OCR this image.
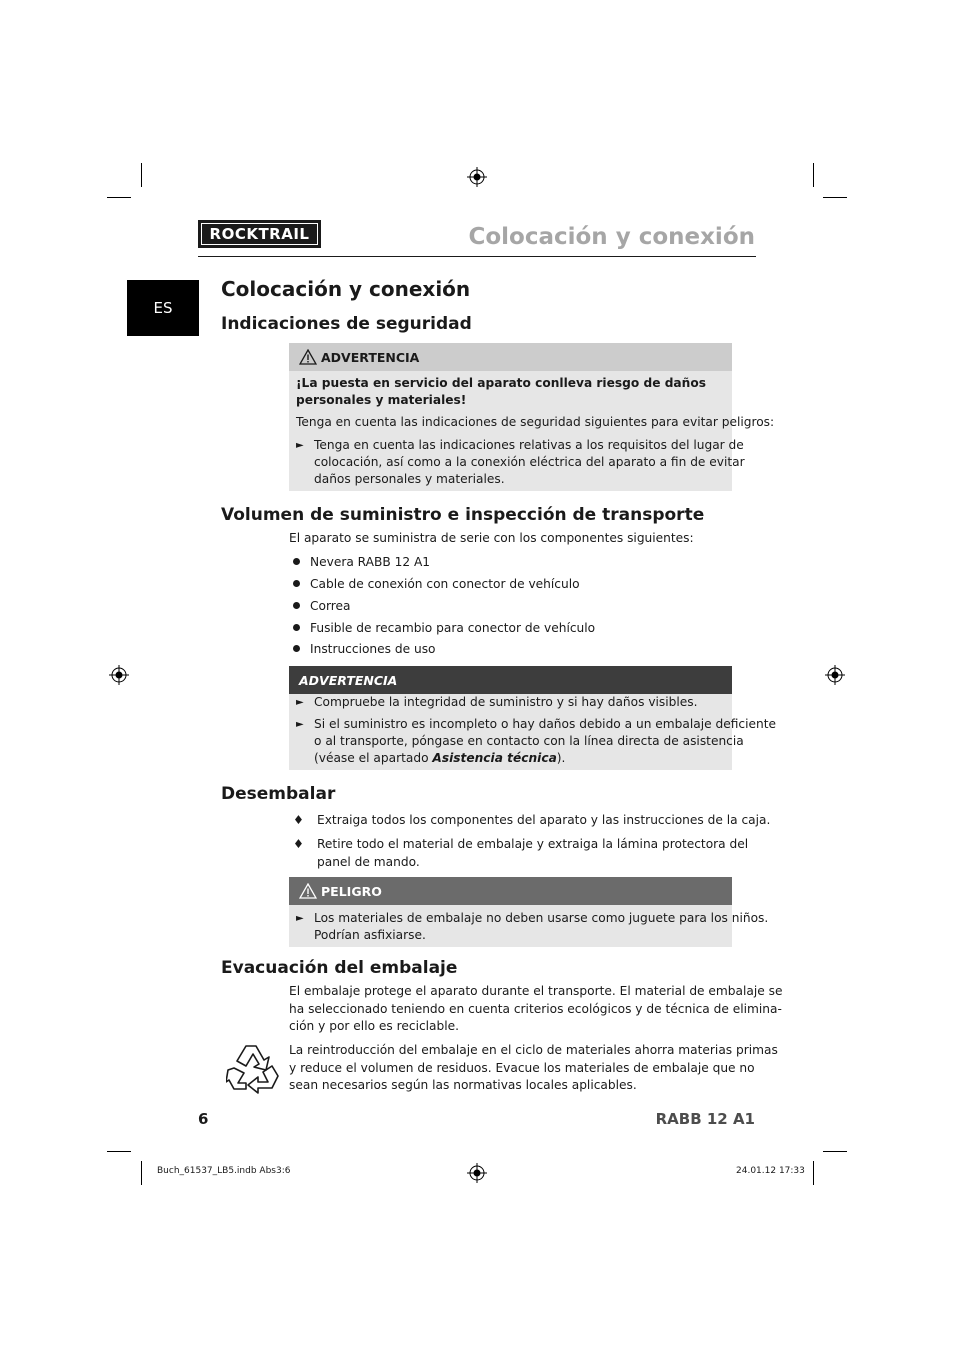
ROCKTRAIL	Colocación y conexión
ES
Colocación y conexión
Indicaciones de seguridad
ADVERTENCIA
¡La puesta en servicio del aparato conlleva riesgo de daños
personales y materiales!
Tenga en cuenta las indicaciones de seguridad siguientes para evitar peligros:
► Tenga en cuenta las indicaciones relativas a los requisitos del lugar de
colocación, así como a la conexión eléctrica del aparato a fin de evitar
daños personales y materiales.
Volumen de suministro e inspección de transporte
El aparato se suministra de serie con los componentes siguientes:
Nevera RABB 12 A1
Cable de conexión con conector de vehículo
Correa
Fusible de recambio para conector de vehículo
Instrucciones de uso
ADVERTENCIA
► Compruebe la integridad de suministro y si hay daños visibles.
► Si el suministro es incompleto o hay daños debido a un embalaje deficiente
o al transporte, póngase en contacto con la línea directa de asistencia
(véase el apartado Asistencia técnica).
Desembalar
♦ Extraiga todos los componentes del aparato y las instrucciones de la caja.
♦ Retire todo el material de embalaje y extraiga la lámina protectora del
panel de mando.
PELIGRO
► Los materiales de embalaje no deben usarse como juguete para los niños.
Podrían asfixiarse.
Evacuación del embalaje
El embalaje protege el aparato durante el transporte. El material de embalaje se
ha seleccionado teniendo en cuenta criterios ecológicos y de técnica de elimina-
ción y por ello es reciclable.
La reintroducción del embalaje en el ciclo de materiales ahorra materias primas
y reduce el volumen de residuos. Evacue los materiales de embalaje que no
sean necesarios según las normativas locales aplicables.
6	RABB 12 A1
Buch_61537_LB5.indb Abs3:6	24.01.12 17:33
